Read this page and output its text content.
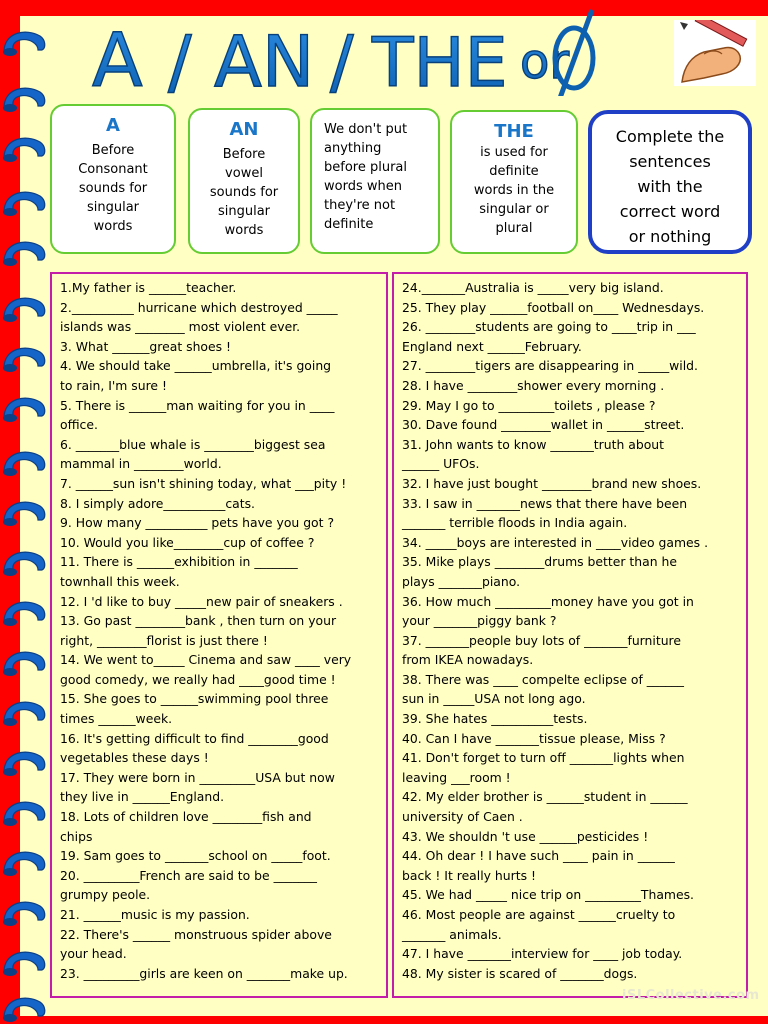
A / AN / THE or
A
Before
Consonant
sounds for
singular
words
AN
Before
vowel
sounds for
singular
words
We don't put
anything
before plural
words when
they're not
definite
THE
is used for
definite
words in the
singular or
plural
Complete the
sentences
with the
correct word
or nothing

1.My father is ______teacher.

2.__________ hurricane which destroyed _____

islands was ________ most violent ever.

3. What ______great shoes !

4. We should take ______umbrella, it's going

to rain, I'm sure !

5. There is ______man waiting for you in ____

office.

6. _______blue whale is ________biggest sea

mammal in ________world.

7. ______sun isn't shining today, what ___pity !

8. I simply adore__________cats.

9. How many __________ pets have you got ?

10. Would you like________cup of coffee ?

11. There is ______exhibition in _______

townhall this week.

12. I 'd like to buy _____new pair of sneakers .

13. Go past ________bank , then turn on your

right, ________florist is just there !

14. We went to_____ Cinema and saw ____ very

good comedy, we really had ____good time !

15. She goes to ______swimming pool three

times ______week.

16. It's getting difficult to find ________good

vegetables these days !

17. They were born in _________USA but now

they live in ______England.

18. Lots of children love ________fish and

chips

19. Sam goes to _______school on _____foot.

20. _________French are said to be _______

grumpy peole.

21. ______music is my passion.

22. There's ______ monstruous spider above

your head.

23. _________girls are keen on _______make up.

24._______Australia is _____very big island.

25. They play ______football on____ Wednesdays.

26. ________students are going to ____trip in ___

England next ______February.

27. ________tigers are disappearing in _____wild.

28. I have ________shower every morning .

29. May I go to _________toilets , please ?

30. Dave found ________wallet in ______street.

31. John wants to know _______truth about

______ UFOs.

32. I have just bought ________brand new shoes.

33. I saw in _______news that there have been

_______ terrible floods in India again.

34. _____boys are interested in ____video games .

35. Mike plays ________drums better than he

plays _______piano.

36. How much _________money have you got in

your _______piggy bank ?

37. _______people buy lots of _______furniture

from IKEA nowadays.

38. There was ____ compelte eclipse of ______

sun in _____USA not long ago.

39. She hates __________tests.

40. Can I have _______tissue please, Miss ?

41. Don't forget to turn off _______lights when

leaving ___room !

42. My elder brother is ______student in ______

university of Caen .

43. We shouldn 't use ______pesticides !

44. Oh dear ! I have such ____ pain in ______

back ! It really hurts !

45. We had _____ nice trip on _________Thames.

46. Most people are against ______cruelty to

_______ animals.

47. I have _______interview for ____ job today.

48. My sister is scared of _______dogs.

iSLCollective.com
